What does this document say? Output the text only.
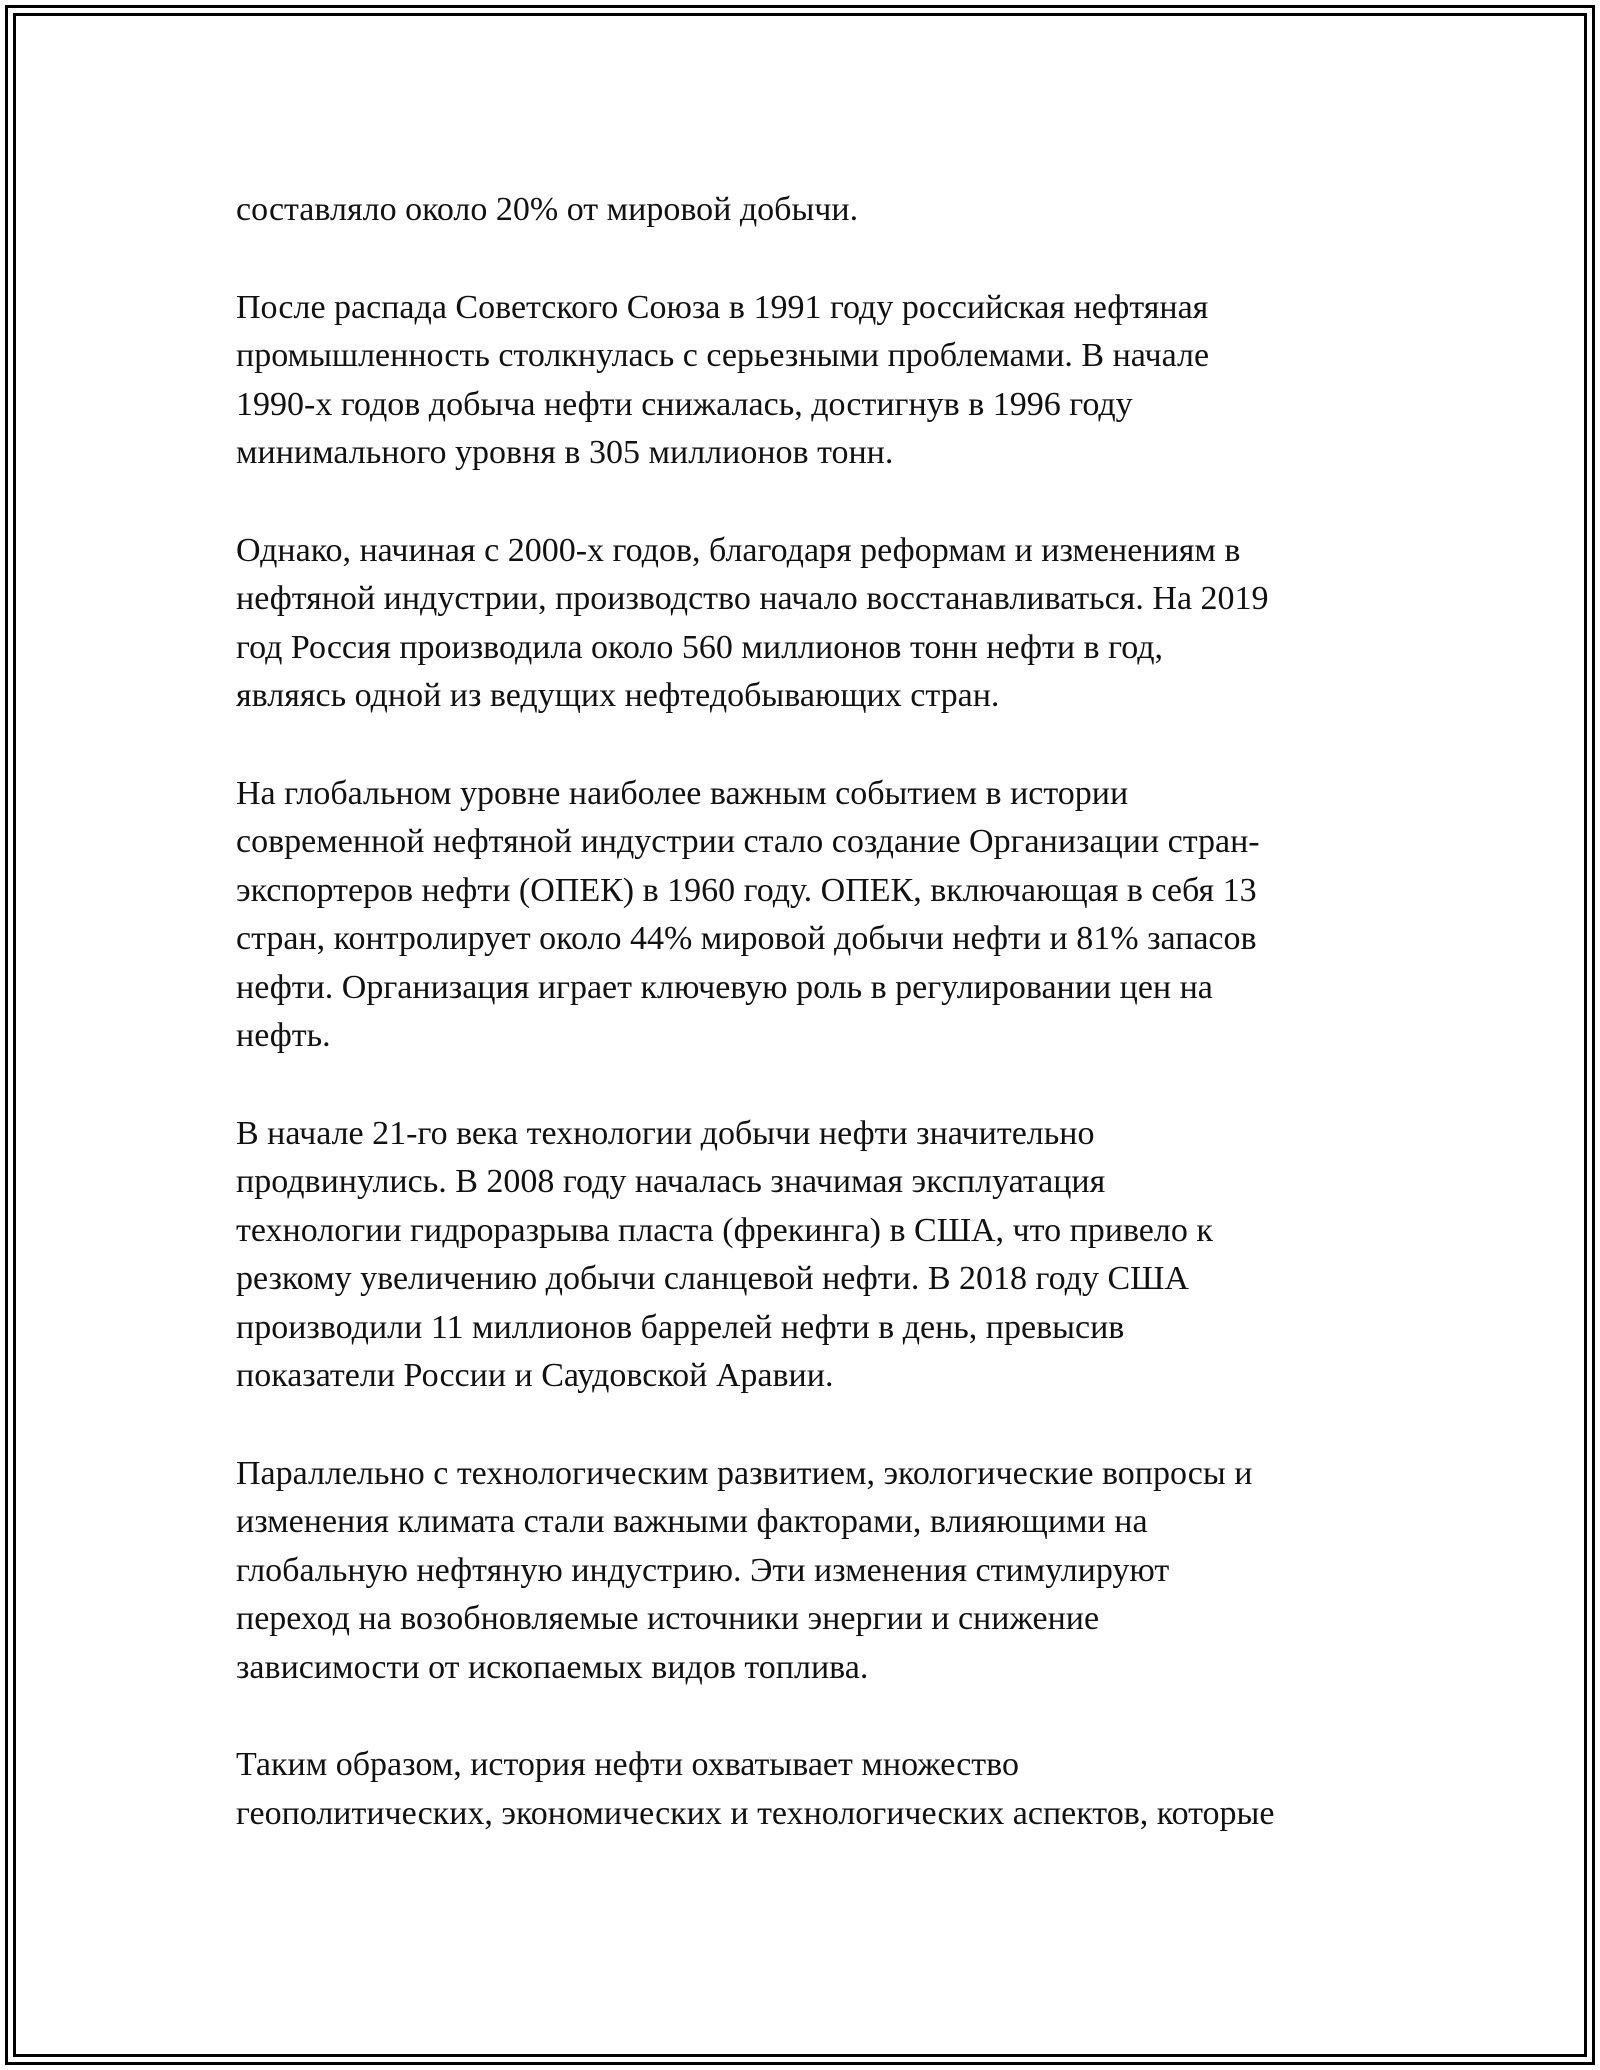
составляло около 20% от мировой добычи.

После распада Советского Союза в 1991 году российская нефтяная
промышленность столкнулась с серьезными проблемами. В начале
1990-х годов добыча нефти снижалась, достигнув в 1996 году
минимального уровня в 305 миллионов тонн.

Однако, начиная с 2000-х годов, благодаря реформам и изменениям в
нефтяной индустрии, производство начало восстанавливаться. На 2019
год Россия производила около 560 миллионов тонн нефти в год,
являясь одной из ведущих нефтедобывающих стран.

На глобальном уровне наиболее важным событием в истории
современной нефтяной индустрии стало создание Организации стран-
экспортеров нефти (ОПЕК) в 1960 году. ОПЕК, включающая в себя 13
стран, контролирует около 44% мировой добычи нефти и 81% запасов
нефти. Организация играет ключевую роль в регулировании цен на
нефть.

В начале 21-го века технологии добычи нефти значительно
продвинулись. В 2008 году началась значимая эксплуатация
технологии гидроразрыва пласта (фрекинга) в США, что привело к
резкому увеличению добычи сланцевой нефти. В 2018 году США
производили 11 миллионов баррелей нефти в день, превысив
показатели России и Саудовской Аравии.

Параллельно с технологическим развитием, экологические вопросы и
изменения климата стали важными факторами, влияющими на
глобальную нефтяную индустрию. Эти изменения стимулируют
переход на возобновляемые источники энергии и снижение
зависимости от ископаемых видов топлива.

Таким образом, история нефти охватывает множество
геополитических, экономических и технологических аспектов, которые
